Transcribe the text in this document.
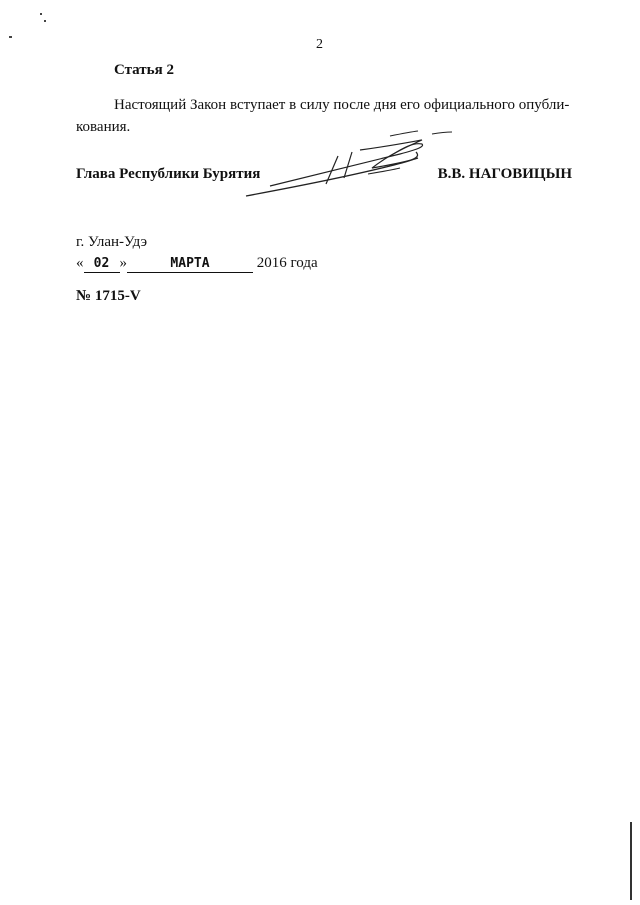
2
Статья 2
Настоящий Закон вступает в силу после дня его официального опубликования.
Глава Республики Бурятия	В.В. НАГОВИЦЫН
г. Улан-Удэ
« 02 »	МАРТА	2016 года
№ 1715-V
